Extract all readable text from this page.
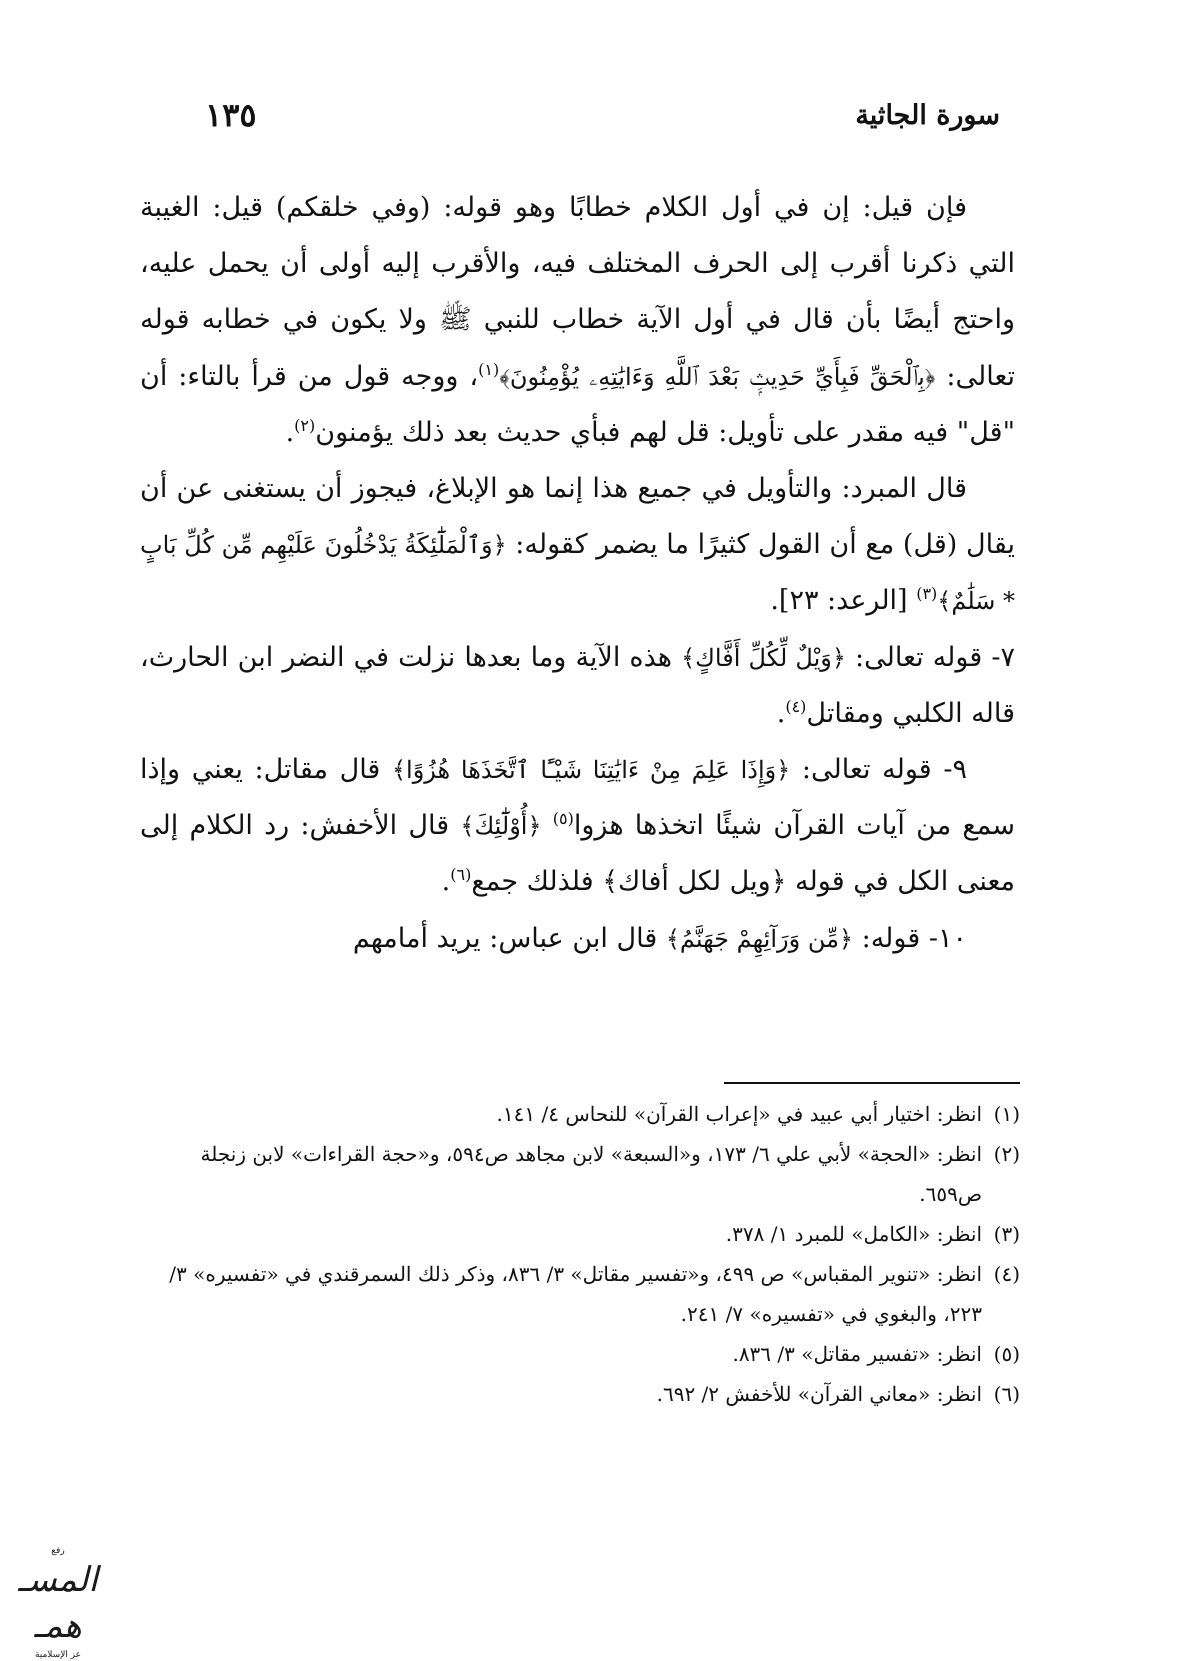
سورة الجاثية
١٣٥

فإن قيل: إن في أول الكلام خطابًا وهو قوله: (وفي خلقكم) قيل: الغيبة التي ذكرنا أقرب إلى الحرف المختلف فيه، والأقرب إليه أولى أن يحمل عليه، واحتج أيضًا بأن قال في أول الآية خطاب للنبي ﷺ ولا يكون في خطابه قوله تعالى: ﴿بِٱلْحَقِّ فَبِأَيِّ حَدِيثِۭ بَعْدَ ٱللَّهِ وَءَايَٰتِهِۦ يُؤْمِنُونَ﴾$^{(١)}$، ووجه قول من قرأ بالتاء: أن "قل" فيه مقدر على تأويل: قل لهم فبأي حديث بعد ذلك يؤمنون$^{(٢)}$.

قال المبرد: والتأويل في جميع هذا إنما هو الإبلاغ، فيجوز أن يستغنى عن أن يقال (قل) مع أن القول كثيرًا ما يضمر كقوله: ﴿وَٱلْمَلَٰٓئِكَةُ يَدْخُلُونَ عَلَيْهِم مِّن كُلِّ بَابٍ * سَلَٰمٌ﴾$^{(٣)}$ [الرعد: ٢٣].

٧- قوله تعالى: ﴿وَيْلٌ لِّكُلِّ أَفَّاكٍ﴾ هذه الآية وما بعدها نزلت في النضر ابن الحارث، قاله الكلبي ومقاتل$^{(٤)}$.

٩- قوله تعالى: ﴿وَإِذَا عَلِمَ مِنْ ءَايَٰتِنَا شَيْـًٔا ٱتَّخَذَهَا هُزُوًا﴾ قال مقاتل: يعني وإذا سمع من آيات القرآن شيئًا اتخذها هزوا$^{(٥)}$ ﴿أُوْلَٰٓئِكَ﴾ قال الأخفش: رد الكلام إلى معنى الكل في قوله ﴿ويل لكل أفاك﴾ فلذلك جمع$^{(٦)}$.

١٠- قوله: ﴿مِّن وَرَآئِهِمْ جَهَنَّمُ﴾ قال ابن عباس: يريد أمامهم

(١)
انظر: اختيار أبي عبيد في «إعراب القرآن» للنحاس ٤/ ١٤١.

(٢)
انظر: «الحجة» لأبي علي ٦/ ١٧٣، و«السبعة» لابن مجاهد ص٥٩٤، و«حجة القراءات» لابن زنجلة ص٦٥٩.

(٣)
انظر: «الكامل» للمبرد ١/ ٣٧٨.

(٤)
انظر: «تنوير المقباس» ص ٤٩٩، و«تفسير مقاتل» ٣/ ٨٣٦، وذكر ذلك السمرقندي في «تفسيره» ٣/ ٢٢٣، والبغوي في «تفسيره» ٧/ ٢٤١.

(٥)
انظر: «تفسير مقاتل» ٣/ ٨٣٦.

(٦)
انظر: «معاني القرآن» للأخفش ٢/ ٦٩٢.

رفع
المسـ همـ
عز الإسلامية
